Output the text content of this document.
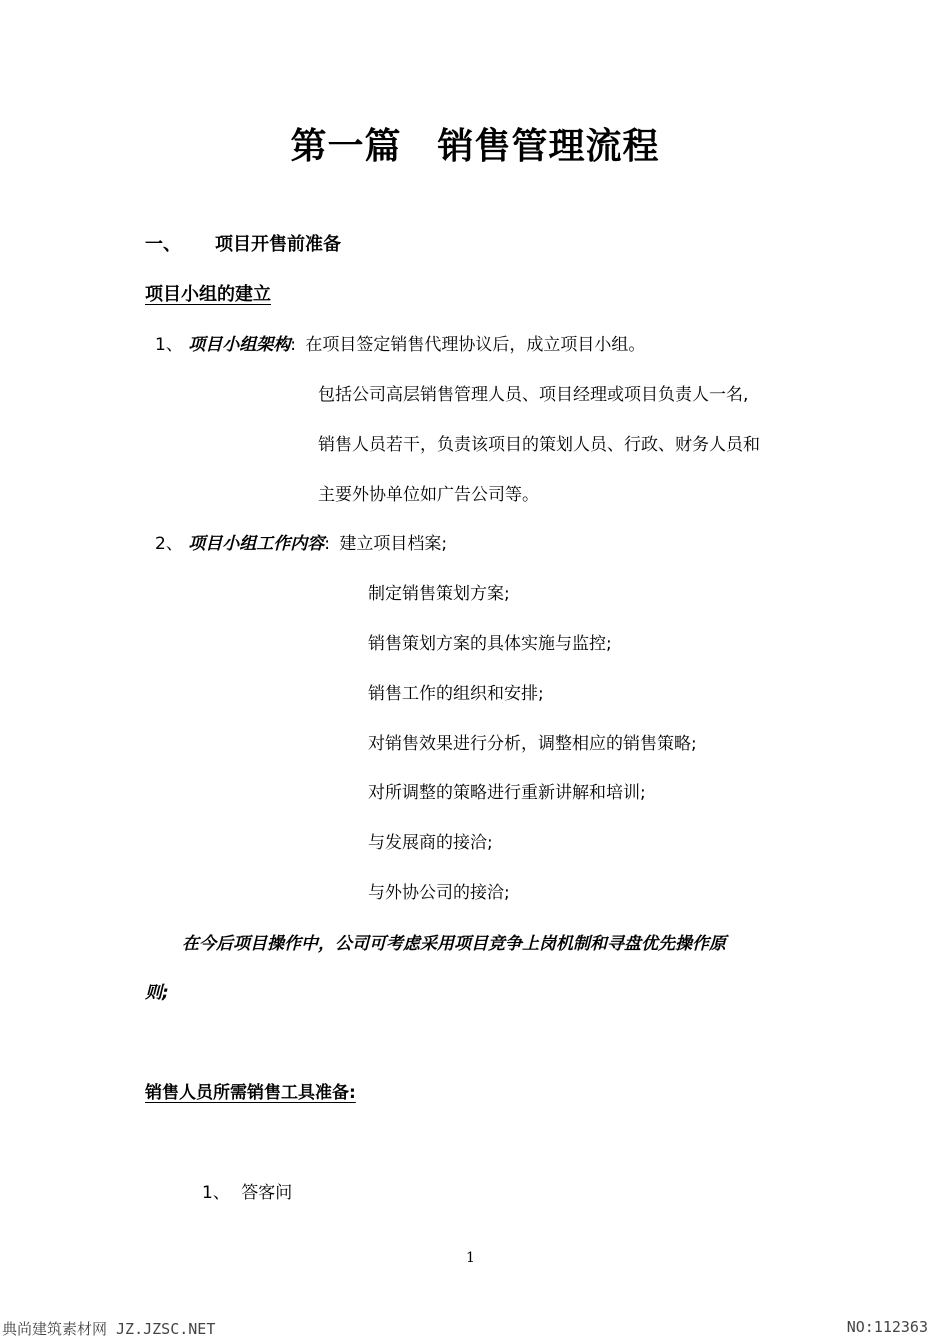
第一篇 销售管理流程
一、 项目开售前准备
项目小组的建立
1、 项目小组架构: 在项目签定销售代理协议后，成立项目小组。
包括公司高层销售管理人员、项目经理或项目负责人一名,
销售人员若干，负责该项目的策划人员、行政、财务人员和
主要外协单位如广告公司等。
2、 项目小组工作内容: 建立项目档案;
制定销售策划方案;
销售策划方案的具体实施与监控;
销售工作的组织和安排;
对销售效果进行分析，调整相应的销售策略;
对所调整的策略进行重新讲解和培训;
与发展商的接洽;
与外协公司的接洽;
在今后项目操作中，公司可考虑采用项目竞争上岗机制和寻盘优先操作原
则;
销售人员所需销售工具准备:
1、 答客问
1
典尚建筑素材网 JZ.JZSC.NET	NO:112363
